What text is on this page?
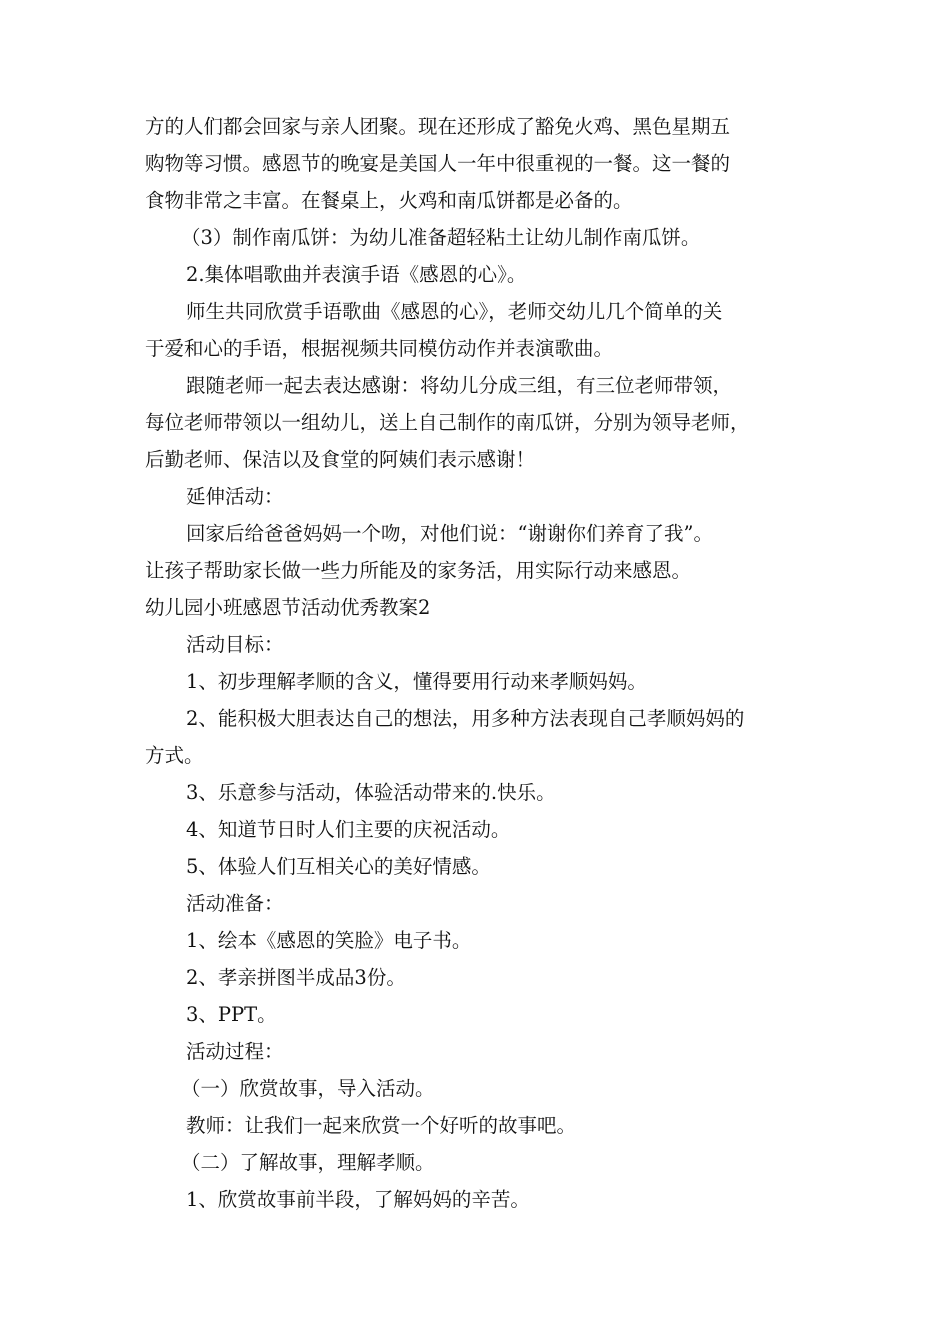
方的人们都会回家与亲人团聚。现在还形成了豁免火鸡、黑色星期五

购物等习惯。感恩节的晚宴是美国人一年中很重视的一餐。这一餐的

食物非常之丰富。在餐桌上，火鸡和南瓜饼都是必备的。

（3）制作南瓜饼：为幼儿准备超轻粘土让幼儿制作南瓜饼。

2.集体唱歌曲并表演手语《感恩的心》。

师生共同欣赏手语歌曲《感恩的心》，老师交幼儿几个简单的关

于爱和心的手语，根据视频共同模仿动作并表演歌曲。

跟随老师一起去表达感谢：将幼儿分成三组，有三位老师带领，

每位老师带领以一组幼儿，送上自己制作的南瓜饼，分别为领导老师，

后勤老师、保洁以及食堂的阿姨们表示感谢！

延伸活动：

回家后给爸爸妈妈一个吻，对他们说：“谢谢你们养育了我”。

让孩子帮助家长做一些力所能及的家务活，用实际行动来感恩。

幼儿园小班感恩节活动优秀教案2

活动目标：

1、初步理解孝顺的含义，懂得要用行动来孝顺妈妈。

2、能积极大胆表达自己的想法，用多种方法表现自己孝顺妈妈的

方式。

3、乐意参与活动，体验活动带来的.快乐。

4、知道节日时人们主要的庆祝活动。

5、体验人们互相关心的美好情感。

活动准备：

1、绘本《感恩的笑脸》电子书。

2、孝亲拼图半成品3份。

3、PPT。

活动过程：

（一）欣赏故事，导入活动。

教师：让我们一起来欣赏一个好听的故事吧。

（二）了解故事，理解孝顺。

1、欣赏故事前半段，了解妈妈的辛苦。
